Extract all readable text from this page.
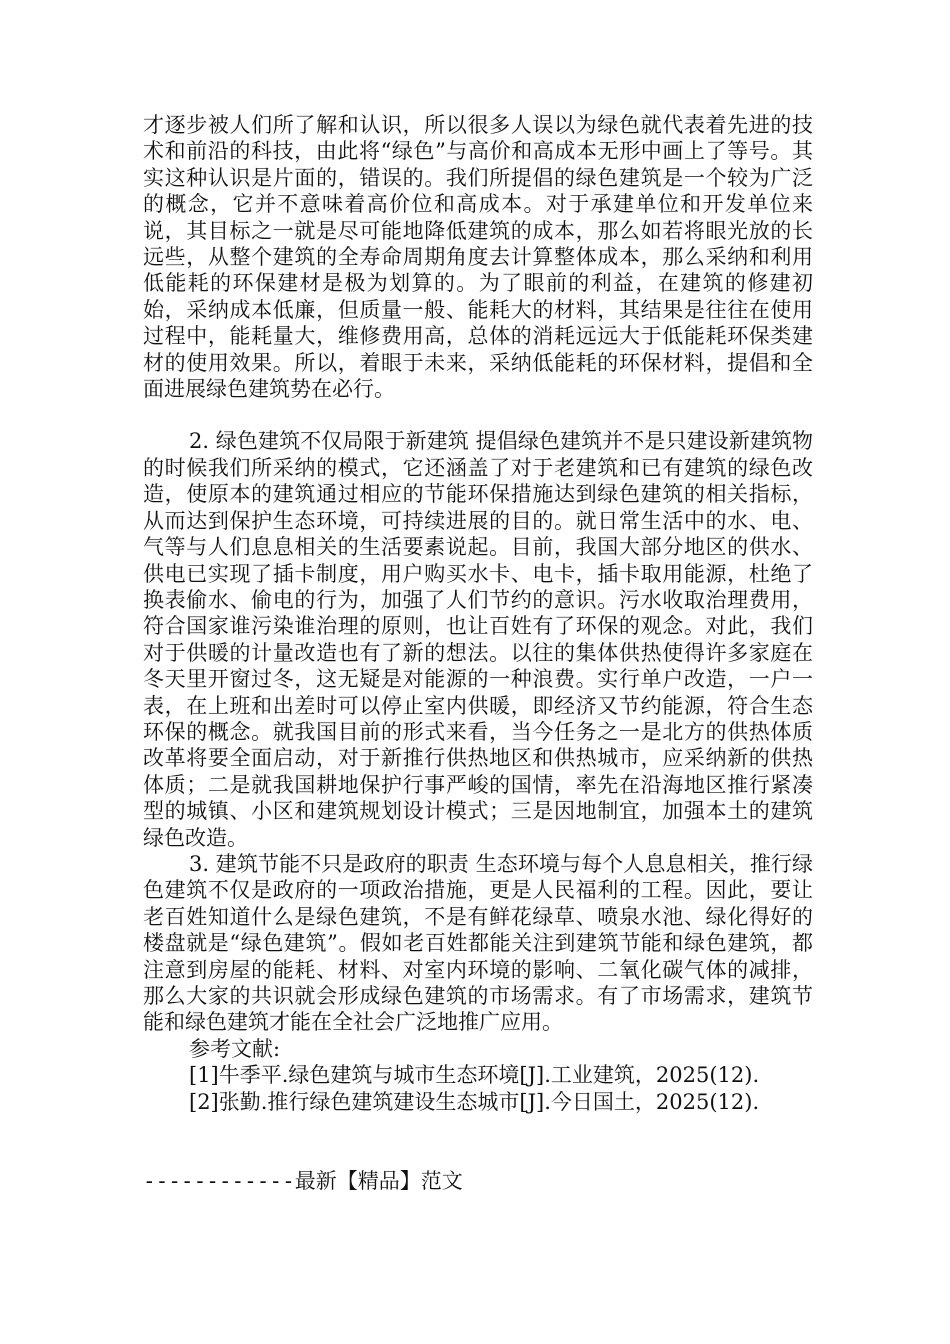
才逐步被人们所了解和认识，所以很多人误以为绿色就代表着先进的技术和前沿的科技，由此将“绿色”与高价和高成本无形中画上了等号。其实这种认识是片面的，错误的。我们所提倡的绿色建筑是一个较为广泛的概念，它并不意味着高价位和高成本。对于承建单位和开发单位来说，其目标之一就是尽可能地降低建筑的成本，那么如若将眼光放的长远些，从整个建筑的全寿命周期角度去计算整体成本，那么采纳和利用低能耗的环保建材是极为划算的。为了眼前的利益，在建筑的修建初始，采纳成本低廉，但质量一般、能耗大的材料，其结果是往往在使用过程中，能耗量大，维修费用高，总体的消耗远远大于低能耗环保类建材的使用效果。所以，着眼于未来，采纳低能耗的环保材料，提倡和全面进展绿色建筑势在必行。

2. 绿色建筑不仅局限于新建筑 提倡绿色建筑并不是只建设新建筑物的时候我们所采纳的模式，它还涵盖了对于老建筑和已有建筑的绿色改造，使原本的建筑通过相应的节能环保措施达到绿色建筑的相关指标，从而达到保护生态环境，可持续进展的目的。就日常生活中的水、电、气等与人们息息相关的生活要素说起。目前，我国大部分地区的供水、供电已实现了插卡制度，用户购买水卡、电卡，插卡取用能源，杜绝了换表偷水、偷电的行为，加强了人们节约的意识。污水收取治理费用，符合国家谁污染谁治理的原则，也让百姓有了环保的观念。对此，我们对于供暖的计量改造也有了新的想法。以往的集体供热使得许多家庭在冬天里开窗过冬，这无疑是对能源的一种浪费。实行单户改造，一户一表，在上班和出差时可以停止室内供暖，即经济又节约能源，符合生态环保的概念。就我国目前的形式来看，当今任务之一是北方的供热体质改革将要全面启动，对于新推行供热地区和供热城市，应采纳新的供热体质；二是就我国耕地保护行事严峻的国情，率先在沿海地区推行紧凑型的城镇、小区和建筑规划设计模式；三是因地制宜，加强本土的建筑绿色改造。

3. 建筑节能不只是政府的职责 生态环境与每个人息息相关，推行绿色建筑不仅是政府的一项政治措施，更是人民福利的工程。因此，要让老百姓知道什么是绿色建筑，不是有鲜花绿草、喷泉水池、绿化得好的楼盘就是“绿色建筑”。假如老百姓都能关注到建筑节能和绿色建筑，都注意到房屋的能耗、材料、对室内环境的影响、二氧化碳气体的减排，那么大家的共识就会形成绿色建筑的市场需求。有了市场需求，建筑节能和绿色建筑才能在全社会广泛地推广应用。

参考文献:

[1]牛季平.绿色建筑与城市生态环境[J].工业建筑，2025(12).

[2]张勤.推行绿色建筑建设生态城市[J].今日国土，2025(12).

------------最新【精品】范文
